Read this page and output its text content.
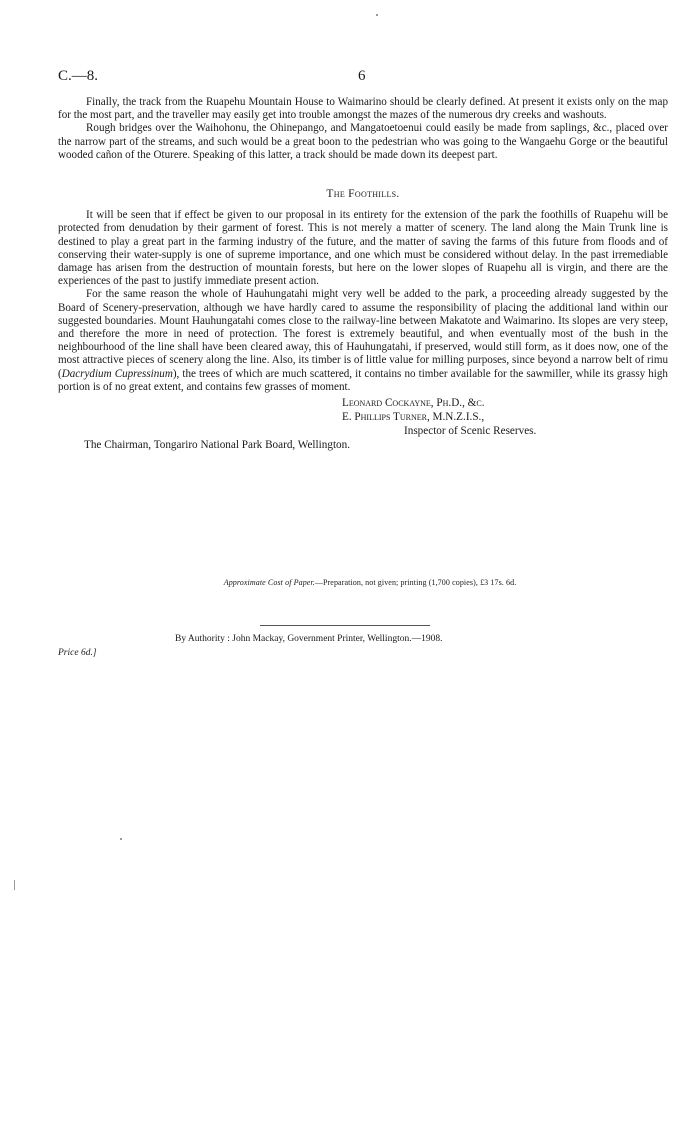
C.—8.	6

Finally, the track from the Ruapehu Mountain House to Waimarino should be clearly defined. At present it exists only on the map for the most part, and the traveller may easily get into trouble amongst the mazes of the numerous dry creeks and washouts.

Rough bridges over the Waihohonu, the Ohinepango, and Mangatoetoenui could easily be made from saplings, &c., placed over the narrow part of the streams, and such would be a great boon to the pedestrian who was going to the Wangaehu Gorge or the beautiful wooded cañon of the Oturere. Speaking of this latter, a track should be made down its deepest part.

The Foothills.

It will be seen that if effect be given to our proposal in its entirety for the extension of the park the foothills of Ruapehu will be protected from denudation by their garment of forest. This is not merely a matter of scenery. The land along the Main Trunk line is destined to play a great part in the farming industry of the future, and the matter of saving the farms of this future from floods and of conserving their water-supply is one of supreme importance, and one which must be considered without delay. In the past irremediable damage has arisen from the destruction of mountain forests, but here on the lower slopes of Ruapehu all is virgin, and there are the experiences of the past to justify immediate present action.

For the same reason the whole of Hauhungatahi might very well be added to the park, a proceeding already suggested by the Board of Scenery-preservation, although we have hardly cared to assume the responsibility of placing the additional land within our suggested boundaries. Mount Hauhungatahi comes close to the railway-line between Makatote and Waimarino. Its slopes are very steep, and therefore the more in need of protection. The forest is extremely beautiful, and when eventually most of the bush in the neighbourhood of the line shall have been cleared away, this of Hauhungatahi, if preserved, would still form, as it does now, one of the most attractive pieces of scenery along the line. Also, its timber is of little value for milling purposes, since beyond a narrow belt of rimu (Dacrydium Cupressinum), the trees of which are much scattered, it contains no timber available for the sawmiller, while its grassy high portion is of no great extent, and contains few grasses of moment.

Leonard Cockayne, Ph.D., &c.
E. Phillips Turner, M.N.Z.I.S.,
Inspector of Scenic Reserves.
The Chairman, Tongariro National Park Board, Wellington.
Approximate Cost of Paper.—Preparation, not given; printing (1,700 copies), £3 17s. 6d.
By Authority : John Mackay, Government Printer, Wellington.—1908.
Price 6d.]
